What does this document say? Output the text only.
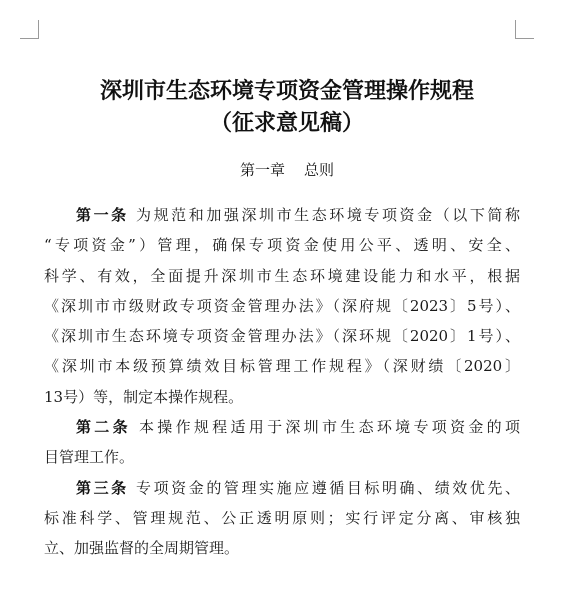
深圳市生态环境专项资金管理操作规程
（征求意见稿）
第一章    总则
第一条 为规范和加强深圳市生态环境专项资金（以下简称
“专项资金”）管理，确保专项资金使用公平、透明、安全、
科学、有效，全面提升深圳市生态环境建设能力和水平，根据
《深圳市市级财政专项资金管理办法》（深府规〔2023〕5号）、
《深圳市生态环境专项资金管理办法》（深环规〔2020〕1号）、
《深圳市本级预算绩效目标管理工作规程》（深财绩〔2020〕
13号）等，制定本操作规程。
第二条 本操作规程适用于深圳市生态环境专项资金的项
目管理工作。
第三条 专项资金的管理实施应遵循目标明确、绩效优先、
标准科学、管理规范、公正透明原则；实行评定分离、审核独
立、加强监督的全周期管理。
